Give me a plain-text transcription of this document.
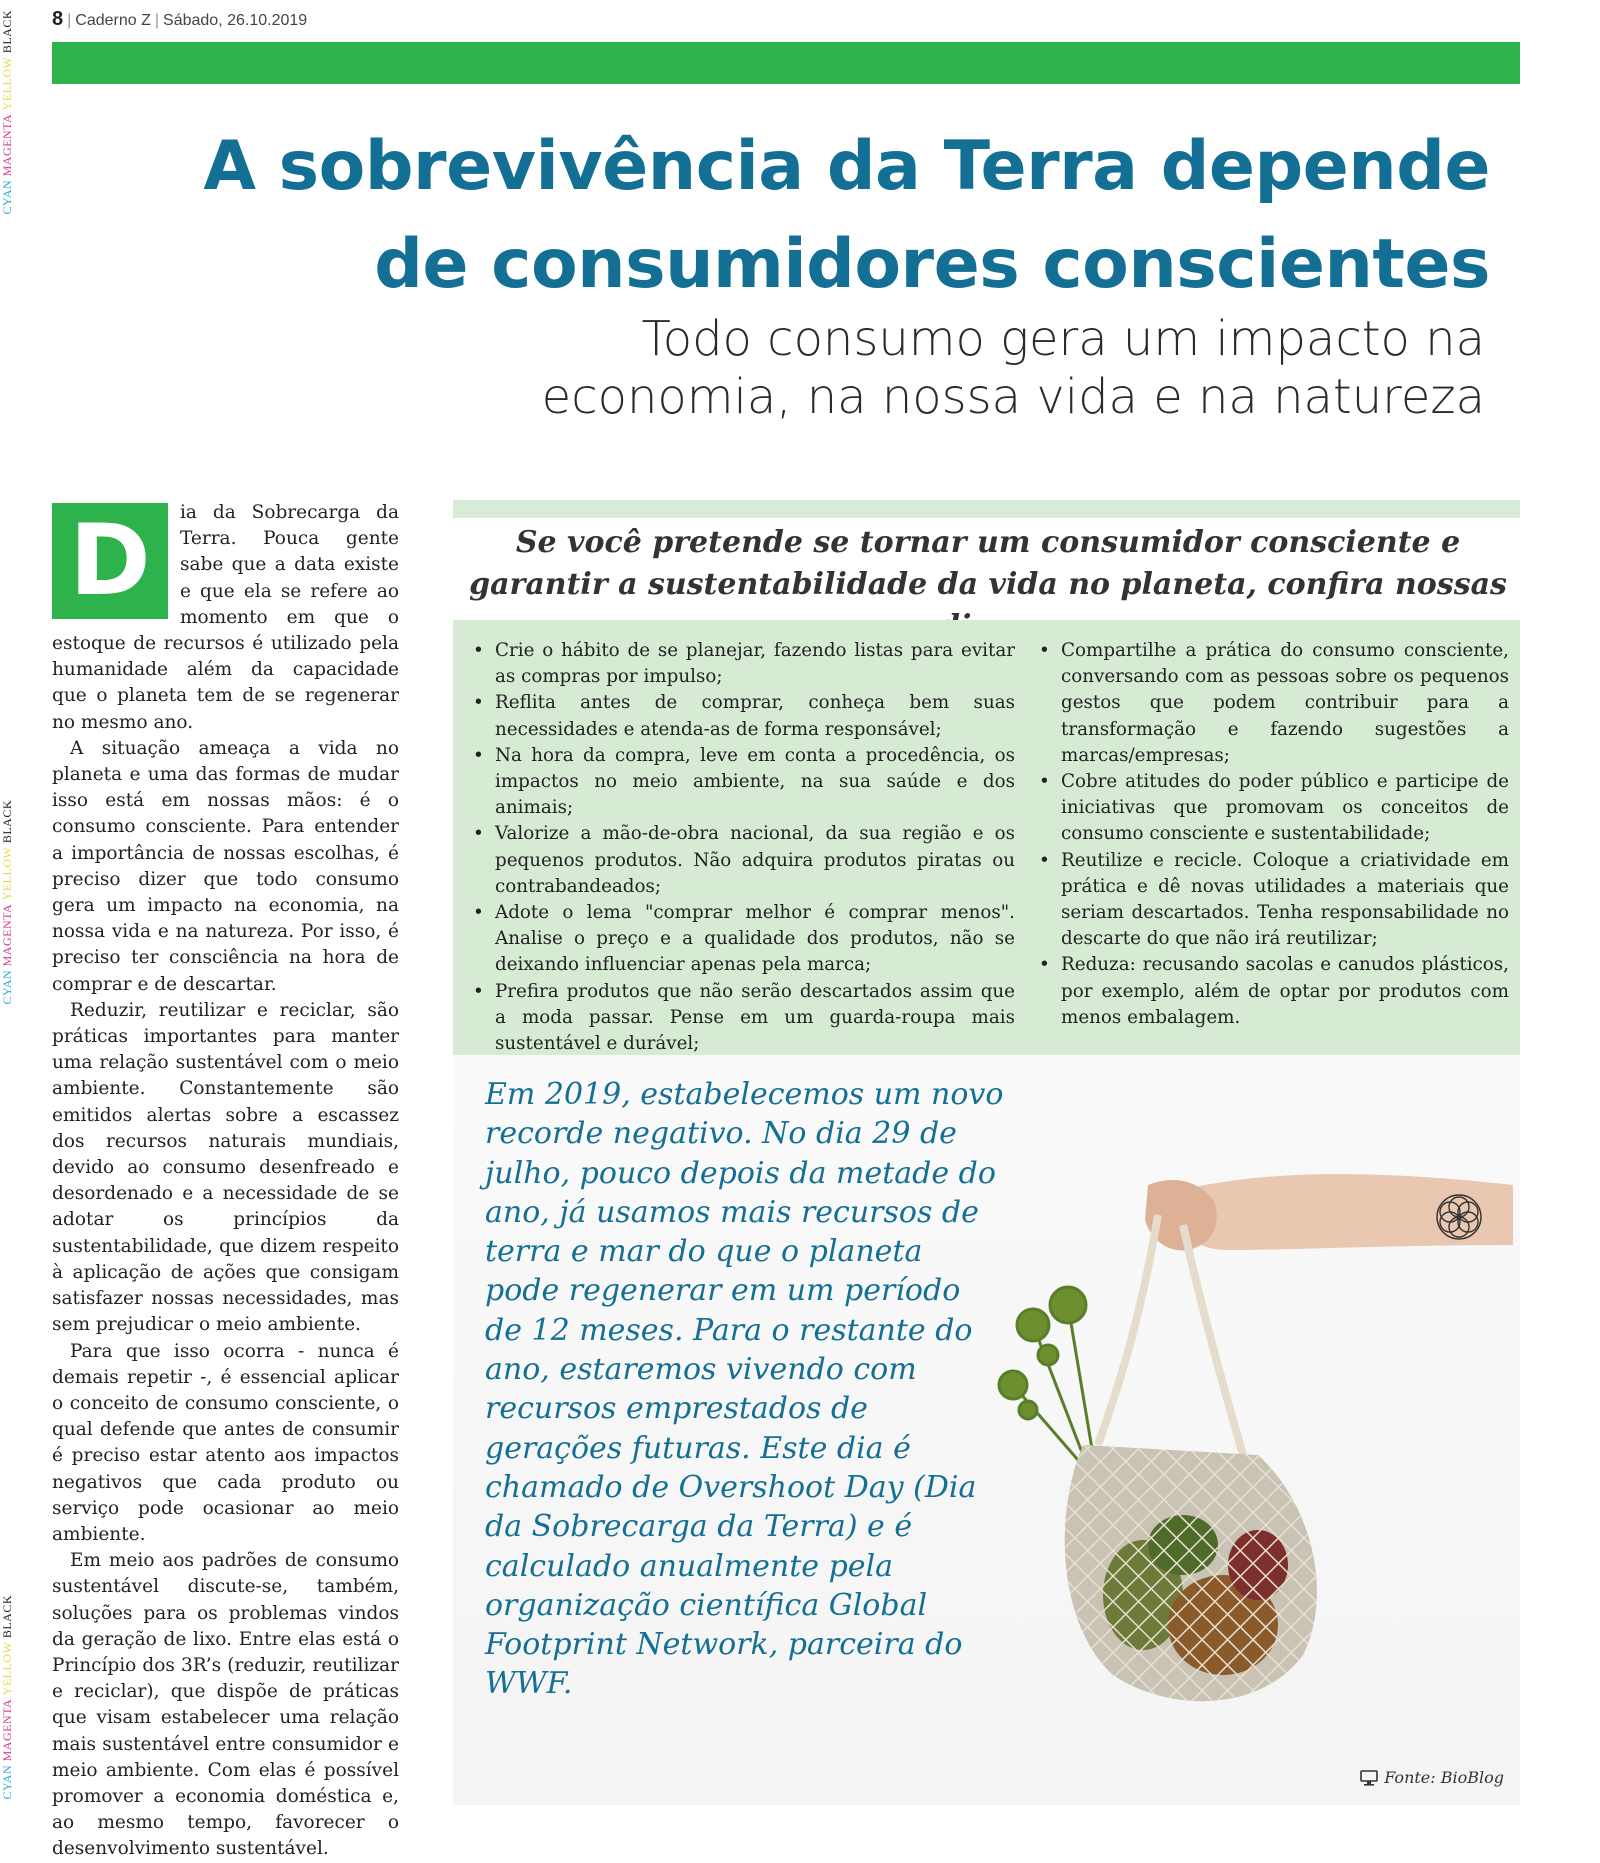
CYAN MAGENTA YELLOW BLACK
CYAN MAGENTA YELLOW BLACK
CYAN MAGENTA YELLOW BLACK
8 | Caderno Z | Sábado, 26.10.2019
A sobrevivência da Terra depende
de consumidores conscientes
Todo consumo gera um impacto na
economia, na nossa vida e na natureza

D	ia da Sobrecarga da Terra. Pouca gente sabe que a data existe e que ela se refere ao momento em que o estoque de recursos é utilizado pela humanidade além da capacidade que o planeta tem de se regenerar no mesmo ano.

A situação ameaça a vida no planeta e uma das formas de mudar isso está em nossas mãos: é o consumo consciente. Para entender a importância de nossas escolhas, é preciso dizer que todo consumo gera um impacto na economia, na nossa vida e na natureza. Por isso, é preciso ter consciência na hora de comprar e de descartar.

Reduzir, reutilizar e reciclar, são práticas importantes para manter uma relação sustentável com o meio ambiente. Constantemente são emitidos alertas sobre a escassez dos recursos naturais mundiais, devido ao consumo desenfreado e desordenado e a necessidade de se adotar os princípios da sustentabilidade, que dizem respeito à aplicação de ações que consigam satisfazer nossas necessidades, mas sem prejudicar o meio ambiente.

Para que isso ocorra - nunca é demais repetir -, é essencial aplicar o conceito de consumo consciente, o qual defende que antes de consumir é preciso estar atento aos impactos negativos que cada produto ou serviço pode ocasionar ao meio ambiente.

Em meio aos padrões de consumo sustentável discute-se, também, soluções para os problemas vindos da geração de lixo. Entre elas está o Princípio dos 3R’s (reduzir, reutilizar e reciclar), que dispõe de práticas que visam estabelecer uma relação mais sustentável entre consumidor e meio ambiente. Com elas é possível promover a economia doméstica e, ao mesmo tempo, favorecer o desenvolvimento sustentável.

Se você pretende se tornar um consumidor consciente e garantir a sustentabilidade da vida no planeta, confira nossas
• Crie o hábito de se planejar, fazendo listas para evitar as compras por impulso;
• Reflita antes de comprar, conheça bem suas necessidades e atenda-as de forma responsável;
• Na hora da compra, leve em conta a procedência, os impactos no meio ambiente, na sua saúde e dos animais;
• Valorize a mão-de-obra nacional, da sua região e os pequenos produtos. Não adquira produtos piratas ou contrabandeados;
• Adote o lema "comprar melhor é comprar menos". Analise o preço e a qualidade dos produtos, não se deixando influenciar apenas pela marca;
• Prefira produtos que não serão descartados assim que a moda passar. Pense em um guarda-roupa mais sustentável e durável;
• Compartilhe a prática do consumo consciente, conversando com as pessoas sobre os pequenos gestos que podem contribuir para a transformação e fazendo sugestões a marcas/empresas;
• Cobre atitudes do poder público e participe de iniciativas que promovam os conceitos de consumo consciente e sustentabilidade;
• Reutilize e recicle. Coloque a criatividade em prática e dê novas utilidades a materiais que seriam descartados. Tenha responsabilidade no descarte do que não irá reutilizar;
• Reduza: recusando sacolas e canudos plásticos, por exemplo, além de optar por produtos com menos embalagem.
Em 2019, estabelecemos um novo recorde negativo. No dia 29 de julho, pouco depois da metade do ano, já usamos mais recursos de terra e mar do que o planeta pode regenerar em um período de 12 meses. Para o restante do ano, estaremos vivendo com recursos emprestados de gerações futuras. Este dia é chamado de Overshoot Day (Dia da Sobrecarga da Terra) e é calculado anualmente pela organização científica Global Footprint Network, parceira do WWF.
Fonte: BioBlog
